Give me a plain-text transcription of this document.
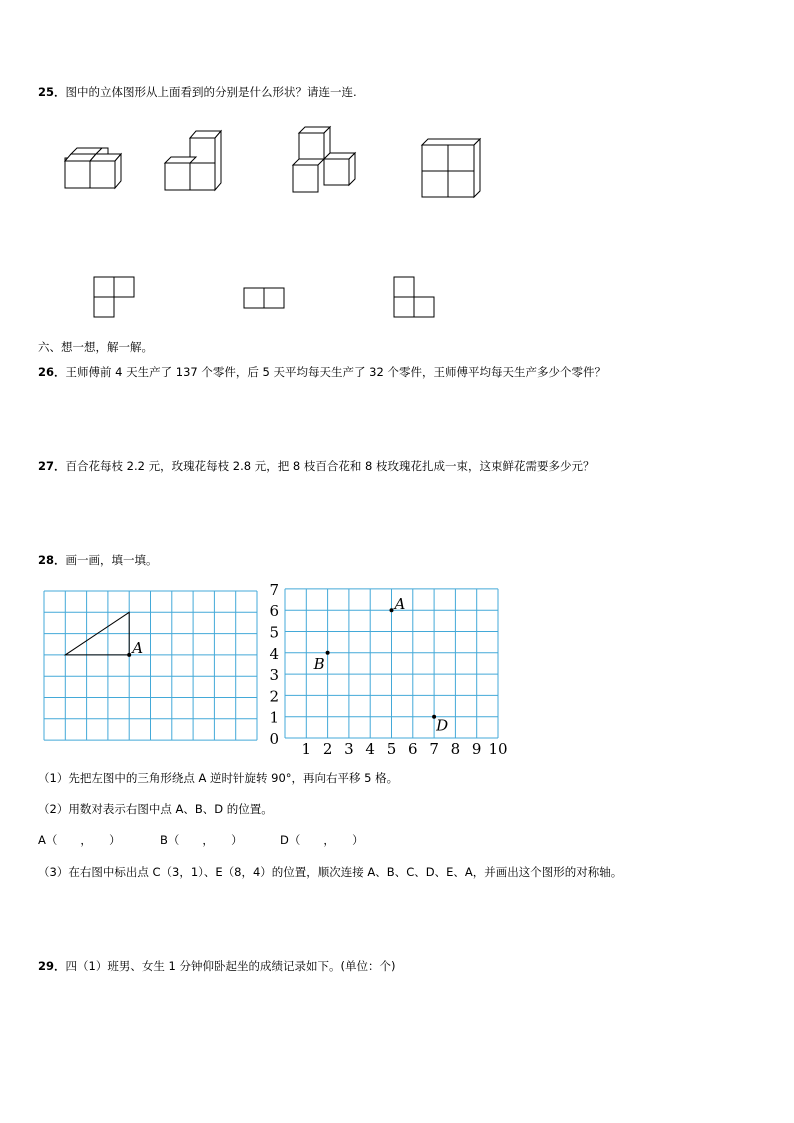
25．图中的立体图形从上面看到的分别是什么形状？请连一连.
六、想一想，解一解。
26．王师傅前 4 天生产了 137 个零件，后 5 天平均每天生产了 32 个零件，王师傅平均每天生产多少个零件？
27．百合花每枝 2.2 元，玫瑰花每枝 2.8 元，把 8 枝百合花和 8 枝玫瑰花扎成一束，这束鲜花需要多少元？
28．画一画，填一填。
A
0
1
2
3
4
5
6
7
1 2 3 4 5 6 7 8 9 10
A
B
D
（1）先把左图中的三角形绕点 A 逆时针旋转 90°，再向右平移 5 格。
（2）用数对表示右图中点 A、B、D 的位置。
A（　　，　　）	B（　　，　　）	D（　　，　　）
（3）在右图中标出点 C（3，1）、E（8，4）的位置，顺次连接 A、B、C、D、E、A，并画出这个图形的对称轴。
29．四（1）班男、女生 1 分钟仰卧起坐的成绩记录如下。(单位：个)
